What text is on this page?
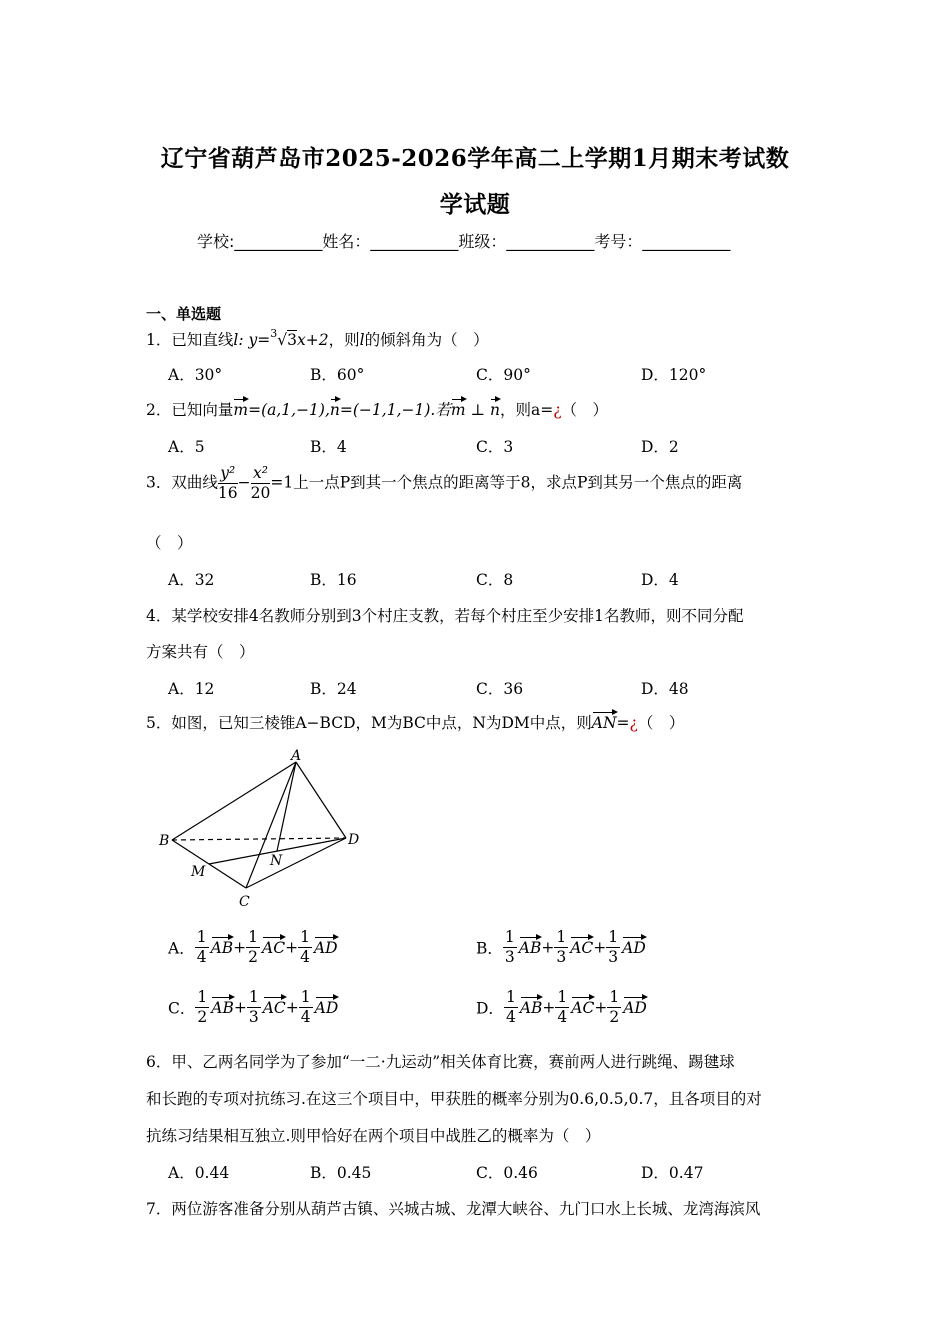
辽宁省葫芦岛市2025-2026学年高二上学期1月期末考试数
学试题
学校:___________姓名：___________班级：___________考号：___________
一、单选题
1．已知直线l: y=$^3$√3x+2，则l的倾斜角为（　）
A．30°	B．60°	C．90°	D．120°
2．已知向量m=(a,1,−1),n=(−1,1,−1).若m ⊥ n，则a=¿（　）
A．5	B．4	C．3	D．2
3．双曲线 $\frac{\text{y²}}{16} - \frac{\text{x²}}{20} =1$上一点P到其一个焦点的距离等于8，求点P到其另一个焦点的距离
（　）
A．32	B．16	C．8	D．4
4．某学校安排4名教师分别到3个村庄支教，若每个村庄至少安排1名教师，则不同分配
方案共有（　）
A．12	B．24	C．36	D．48
5．如图，已知三棱锥A−BCD，M为BC中点，N为DM中点，则AN=¿（　）
A
B
C
D
M
N
A． $\frac{1}{4} AB+ \frac{1}{2} AC+ \frac{1}{4}$ AD	B． $\frac{1}{3} AB+ \frac{1}{3} AC+ \frac{1}{3}$ AD
C． $\frac{1}{2} AB+ \frac{1}{3} AC+ \frac{1}{4}$ AD	D． $\frac{1}{4} AB+ \frac{1}{4} AC+ \frac{1}{2}$ AD
6．甲、乙两名同学为了参加“一二·九运动”相关体育比赛，赛前两人进行跳绳、踢毽球
和长跑的专项对抗练习.在这三个项目中，甲获胜的概率分别为0.6,0.5,0.7，且各项目的对
抗练习结果相互独立.则甲恰好在两个项目中战胜乙的概率为（　）
A．0.44	B．0.45	C．0.46	D．0.47
7．两位游客准备分别从葫芦古镇、兴城古城、龙潭大峡谷、九门口水上长城、龙湾海滨风
